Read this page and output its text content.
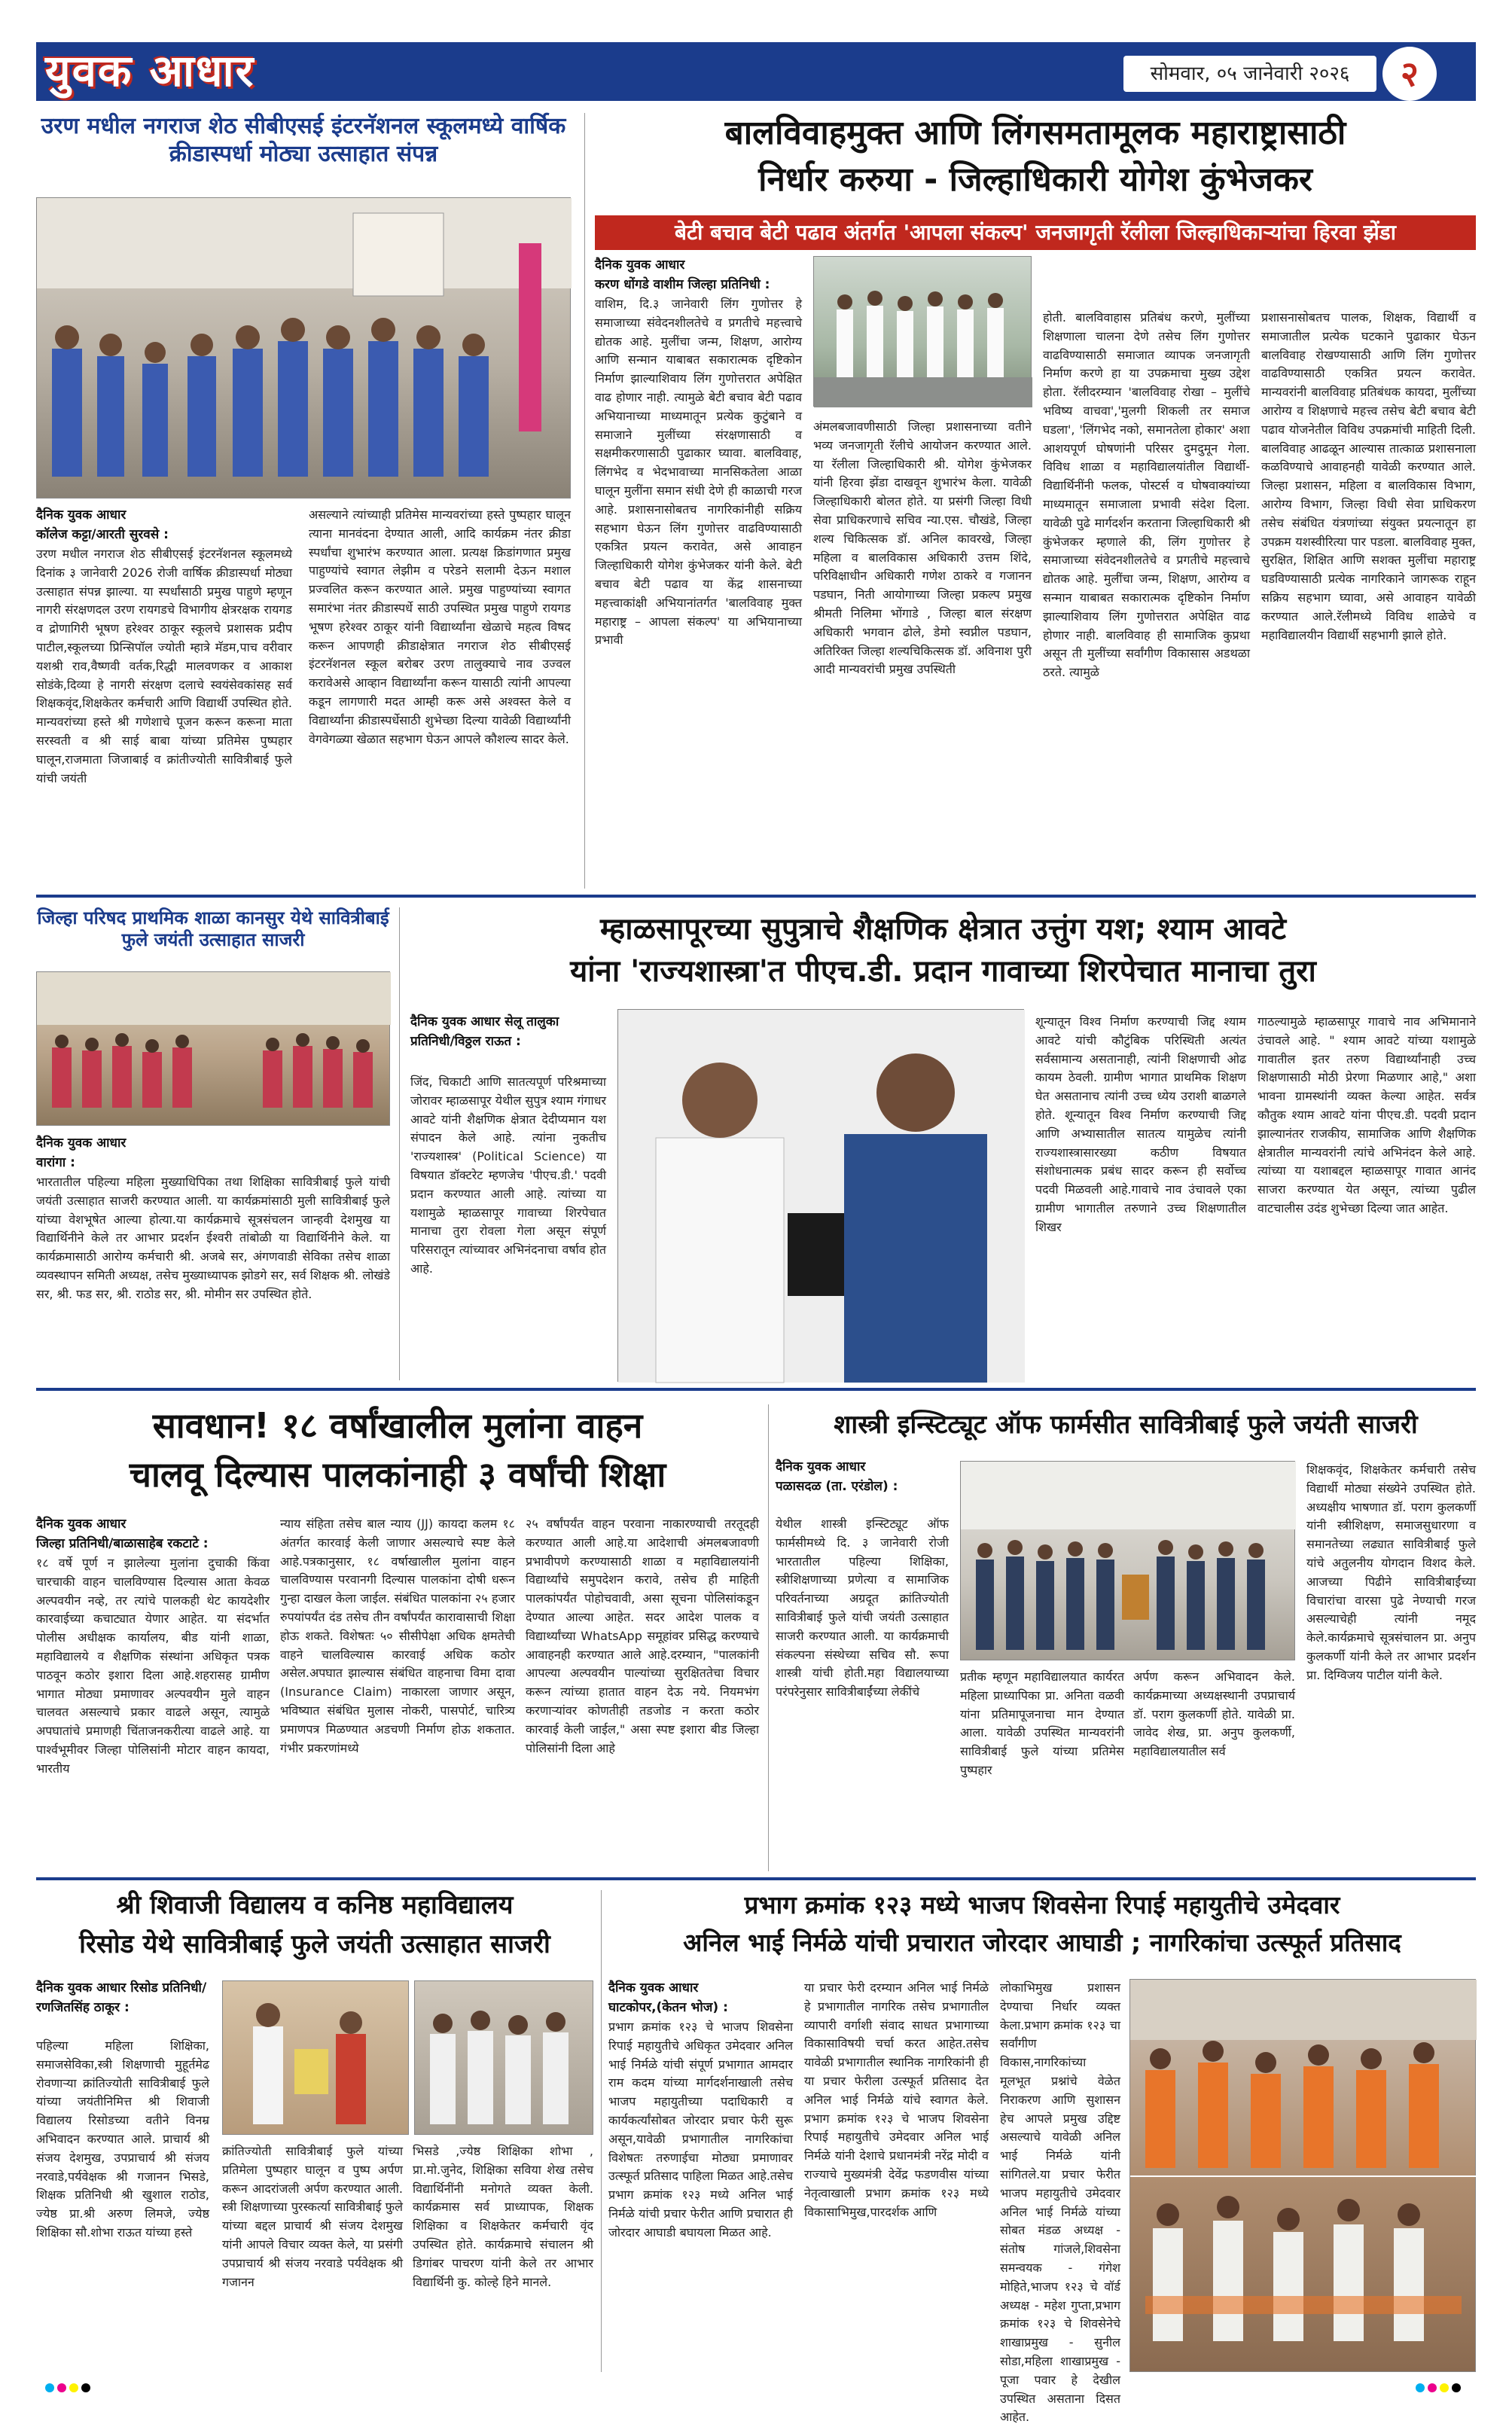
युवक आधार	सोमवार, ०५ जानेवारी २०२६	२
उरण मधील नगराज शेठ सीबीएसई इंटरनॅशनल स्कूलमध्ये वार्षिक क्रीडास्पर्धा मोठ्या उत्साहात संपन्न
दैनिक युवक आधार
कॉलेज कट्टा/आरती सुरवसे :
उरण मधील नगराज शेठ सीबीएसई इंटरनॅशनल स्कूलमध्ये दिनांक ३ जानेवारी 2026 रोजी वार्षिक क्रीडास्पर्धा मोठ्या उत्साहात संपन्न झाल्या. या स्पर्धांसाठी प्रमुख पाहुणे म्हणून नागरी संरक्षणदल उरण रायगडचे विभागीय क्षेत्ररक्षक रायगड व द्रोणागिरी भूषण हरेश्वर ठाकूर स्कूलचे प्रशासक प्रदीप पाटील,स्कूलच्या प्रिन्सिपॉल ज्योती म्हात्रे मॅडम,पाच वरीवार यशश्री राव,वैष्णवी वर्तक,रिद्धी मालवणकर व आकाश सोडंके,दिव्या हे नागरी संरक्षण दलाचे स्वयंसेवकांसह सर्व शिक्षकवृंद,शिक्षकेतर कर्मचारी आणि विद्यार्थी उपस्थित होते. मान्यवरांच्या हस्ते श्री गणेशाचे पूजन करून करूना माता सरस्वती व श्री साई बाबा यांच्या प्रतिमेस पुष्पहार घालून,राजमाता जिजाबाई व क्रांतीज्योती सावित्रीबाई फुले यांची जयंती
असल्याने त्यांच्याही प्रतिमेस मान्यवरांच्या हस्ते पुष्पहार घालून त्याना मानवंदना देण्यात आली, आदि कार्यक्रम नंतर क्रीडा स्पर्धांचा शुभारंभ करण्यात आला. प्रत्यक्ष क्रिडांगणात प्रमुख पाहुण्यांचे स्वागत लेझीम व परेडने सलामी देऊन मशाल प्रज्वलित करून करण्यात आले. प्रमुख पाहुण्यांच्या स्वागत समारंभा नंतर क्रीडास्पर्धे साठी उपस्थित प्रमुख पाहुणे रायगड भूषण हरेश्वर ठाकूर यांनी विद्यार्थ्यांना खेळाचे महत्व विषद करून आपणही क्रीडाक्षेत्रात नगराज शेठ सीबीएसई इंटरनॅशनल स्कूल बरोबर उरण तालुक्याचे नाव उज्वल करावेअसे आव्हान विद्यार्थ्यांना करून यासाठी त्यांनी आपल्या कडून लागणारी मदत आम्ही करू असे अश्वस्त केले व विद्यार्थ्यांना क्रीडास्पर्धेसाठी शुभेच्छा दिल्या यावेळी विद्यार्थ्यांनी वेगवेगळ्या खेळात सहभाग घेऊन आपले कौशल्य सादर केले.
बालविवाहमुक्त आणि लिंगसमतामूलक महाराष्ट्रासाठी
निर्धार करुया - जिल्हाधिकारी योगेश कुंभेजकर
बेटी बचाव बेटी पढाव अंतर्गत 'आपला संकल्प' जनजागृती रॅलीला जिल्हाधिकाऱ्यांचा हिरवा झेंडा
दैनिक युवक आधार
करण धोंगडे वाशीम जिल्हा प्रतिनिधी :
वाशिम, दि.३ जानेवारी लिंग गुणोत्तर हे समाजाच्या संवेदनशीलतेचे व प्रगतीचे महत्त्वाचे द्योतक आहे. मुलींचा जन्म, शिक्षण, आरोग्य आणि सन्मान याबाबत सकारात्मक दृष्टिकोन निर्माण झाल्याशिवाय लिंग गुणोत्तरात अपेक्षित वाढ होणार नाही. त्यामुळे बेटी बचाव बेटी पढाव अभियानाच्या माध्यमातून प्रत्येक कुटुंबाने व समाजाने मुलींच्या संरक्षणासाठी व सक्षमीकरणासाठी पुढाकार घ्यावा. बालविवाह, लिंगभेद व भेदभावाच्या मानसिकतेला आळा घालून मुलींना समान संधी देणे ही काळाची गरज आहे. प्रशासनासोबतच नागरिकांनीही सक्रिय सहभाग घेऊन लिंग गुणोत्तर वाढविण्यासाठी एकत्रित प्रयत्न करावेत, असे आवाहन जिल्हाधिकारी योगेश कुंभेजकर यांनी केले. बेटी बचाव बेटी पढाव या केंद्र शासनाच्या महत्त्वाकांक्षी अभियानांतर्गत 'बालविवाह मुक्त महाराष्ट्र – आपला संकल्प' या अभियानाच्या प्रभावी
अंमलबजावणीसाठी जिल्हा प्रशासनाच्या वतीने भव्य जनजागृती रॅलीचे आयोजन करण्यात आले. या रॅलीला जिल्हाधिकारी श्री. योगेश कुंभेजकर यांनी हिरवा झेंडा दाखवून शुभारंभ केला. यावेळी जिल्हाधिकारी बोलत होते. या प्रसंगी जिल्हा विधी सेवा प्राधिकरणाचे सचिव न्या.एस. चौखंडे, जिल्हा शल्य चिकित्सक डॉ. अनिल कावरखे, जिल्हा महिला व बालविकास अधिकारी उत्तम शिंदे, परिविक्षाधीन अधिकारी गणेश ठाकरे व गजानन पडघान, निती आयोगाच्या जिल्हा प्रकल्प प्रमुख श्रीमती निलिमा भोंगाडे , जिल्हा बाल संरक्षण अधिकारी भगवान ढोले, डेमो स्वप्नील पडघान, अतिरिक्त जिल्हा शल्यचिकित्सक डॉ. अविनाश पुरी आदी मान्यवरांची प्रमुख उपस्थिती
होती. बालविवाहास प्रतिबंध करणे, मुलींच्या शिक्षणाला चालना देणे तसेच लिंग गुणोत्तर वाढविण्यासाठी समाजात व्यापक जनजागृती निर्माण करणे हा या उपक्रमाचा मुख्य उद्देश होता. रॅलीदरम्यान 'बालविवाह रोखा – मुलींचे भविष्य वाचवा','मुलगी शिकली तर समाज घडला', 'लिंगभेद नको, समानतेला होकार' अशा आशयपूर्ण घोषणांनी परिसर दुमदुमून गेला. विविध शाळा व महाविद्यालयांतील विद्यार्थी-विद्यार्थिनींनी फलक, पोस्टर्स व घोषवाक्यांच्या माध्यमातून समाजाला प्रभावी संदेश दिला. यावेळी पुढे मार्गदर्शन करताना जिल्हाधिकारी श्री कुंभेजकर म्हणाले की, लिंग गुणोत्तर हे समाजाच्या संवेदनशीलतेचे व प्रगतीचे महत्त्वाचे द्योतक आहे. मुलींचा जन्म, शिक्षण, आरोग्य व सन्मान याबाबत सकारात्मक दृष्टिकोन निर्माण झाल्याशिवाय लिंग गुणोत्तरात अपेक्षित वाढ होणार नाही. बालविवाह ही सामाजिक कुप्रथा असून ती मुलींच्या सर्वांगीण विकासास अडथळा ठरते. त्यामुळे
प्रशासनासोबतच पालक, शिक्षक, विद्यार्थी व समाजातील प्रत्येक घटकाने पुढाकार घेऊन बालविवाह रोखण्यासाठी आणि लिंग गुणोत्तर वाढविण्यासाठी एकत्रित प्रयत्न करावेत. मान्यवरांनी बालविवाह प्रतिबंधक कायदा, मुलींच्या आरोग्य व शिक्षणाचे महत्त्व तसेच बेटी बचाव बेटी पढाव योजनेतील विविध उपक्रमांची माहिती दिली. बालविवाह आढळून आल्यास तात्काळ प्रशासनाला कळविण्याचे आवाहनही यावेळी करण्यात आले. जिल्हा प्रशासन, महिला व बालविकास विभाग, आरोग्य विभाग, जिल्हा विधी सेवा प्राधिकरण तसेच संबंधित यंत्रणांच्या संयुक्त प्रयत्नातून हा उपक्रम यशस्वीरित्या पार पडला. बालविवाह मुक्त, सुरक्षित, शिक्षित आणि सशक्त मुलींचा महाराष्ट्र घडविण्यासाठी प्रत्येक नागरिकाने जागरूक राहून सक्रिय सहभाग घ्यावा, असे आवाहन यावेळी करण्यात आले.रॅलीमध्ये विविध शाळेचे व महाविद्यालयीन विद्यार्थी सहभागी झाले होते.
जिल्हा परिषद प्राथमिक शाळा कानसुर येथे सावित्रीबाई फुले जयंती उत्साहात साजरी
दैनिक युवक आधार
वारांगा :
भारतातील पहिल्या महिला मुख्याधिपिका तथा शिक्षिका सावित्रीबाई फुले यांची जयंती उत्साहात साजरी करण्यात आली. या कार्यक्रमांसाठी मुली सावित्रीबाई फुले यांच्या वेशभूषेत आल्या होत्या.या कार्यक्रमाचे सूत्रसंचलन जान्हवी देशमुख या विद्यार्थिनीने केले तर आभार प्रदर्शन ईश्वरी तांबोळी या विद्यार्थिनीने केले. या कार्यक्रमासाठी आरोग्य कर्मचारी श्री. अजबे सर, अंगणवाडी सेविका तसेच शाळा व्यवस्थापन समिती अध्यक्ष, तसेच मुख्याध्यापक झोडगे सर, सर्व शिक्षक श्री. लोखंडे सर, श्री. फड सर, श्री. राठोड सर, श्री. मोमीन सर उपस्थित होते.
म्हाळसापूरच्या सुपुत्राचे शैक्षणिक क्षेत्रात उत्तुंग यश; श्याम आवटे
यांना 'राज्यशास्त्रा'त पीएच.डी. प्रदान गावाच्या शिरपेचात मानाचा तुरा
दैनिक युवक आधार सेलू तालुका प्रतिनिधी/विठ्ठल राऊत :
जिंद, चिकाटी आणि सातत्यपूर्ण परिश्रमाच्या जोरावर म्हाळसापूर येथील सुपुत्र श्याम गंगाधर आवटे यांनी शैक्षणिक क्षेत्रात देदीप्यमान यश संपादन केले आहे. त्यांना नुकतीच 'राज्यशास्त्र' (Political Science) या विषयात डॉक्टरेट म्हणजेच 'पीएच.डी.' पदवी प्रदान करण्यात आली आहे. त्यांच्या या यशामुळे म्हाळसापूर गावाच्या शिरपेचात मानाचा तुरा रोवला गेला असून संपूर्ण परिसरातून त्यांच्यावर अभिनंदनाचा वर्षाव होत आहे.
शून्यातून विश्व निर्माण करण्याची जिद्द श्याम आवटे यांची कौटुंबिक परिस्थिती अत्यंत सर्वसामान्य असतानाही, त्यांनी शिक्षणाची ओढ कायम ठेवली. ग्रामीण भागात प्राथमिक शिक्षण घेत असतानाच त्यांनी उच्च ध्येय उराशी बाळगले होते. शून्यातून विश्व निर्माण करण्याची जिद्द आणि अभ्यासातील सातत्य यामुळेच त्यांनी राज्यशास्त्रासारख्या कठीण विषयात संशोधनात्मक प्रबंध सादर करून ही सर्वोच्च पदवी मिळवली आहे.गावाचे नाव उंचावले एका ग्रामीण भागातील तरुणाने उच्च शिक्षणातील शिखर
गाठल्यामुळे म्हाळसापूर गावाचे नाव अभिमानाने उंचावले आहे. " श्याम आवटे यांच्या यशामुळे गावातील इतर तरुण विद्यार्थ्यांनाही उच्च शिक्षणासाठी मोठी प्रेरणा मिळणार आहे," अशा भावना ग्रामस्थांनी व्यक्त केल्या आहेत. सर्वत्र कौतुक श्याम आवटे यांना पीएच.डी. पदवी प्रदान झाल्यानंतर राजकीय, सामाजिक आणि शैक्षणिक क्षेत्रातील मान्यवरांनी त्यांचे अभिनंदन केले आहे. त्यांच्या या यशाबद्दल म्हाळसापूर गावात आनंद साजरा करण्यात येत असून, त्यांच्या पुढील वाटचालीस उदंड शुभेच्छा दिल्या जात आहेत.
सावधान! १८ वर्षांखालील मुलांना वाहन
चालवू दिल्यास पालकांनाही ३ वर्षांची शिक्षा
दैनिक युवक आधार
जिल्हा प्रतिनिधी/बाळासाहेब रकटाटे :
१८ वर्षे पूर्ण न झालेल्या मुलांना दुचाकी किंवा चारचाकी वाहन चालविण्यास दिल्यास आता केवळ अल्पवयीन नव्हे, तर त्यांचे पालकही थेट कायदेशीर कारवाईच्या कचाट्यात येणार आहेत. या संदर्भात पोलीस अधीक्षक कार्यालय, बीड यांनी शाळा, महाविद्यालये व शैक्षणिक संस्थांना अधिकृत पत्रक पाठवून कठोर इशारा दिला आहे.शहरासह ग्रामीण भागात मोठ्या प्रमाणावर अल्पवयीन मुले वाहन चालवत असल्याचे प्रकार वाढले असून, त्यामुळे अपघातांचे प्रमाणही चिंताजनकरीत्या वाढले आहे. या पार्श्वभूमीवर जिल्हा पोलिसांनी मोटार वाहन कायदा, भारतीय
न्याय संहिता तसेच बाल न्याय (JJ) कायदा कलम १८ अंतर्गत कारवाई केली जाणार असल्याचे स्पष्ट केले आहे.पत्रकानुसार, १८ वर्षाखालील मुलांना वाहन चालविण्यास परवानगी दिल्यास पालकांना दोषी धरून गुन्हा दाखल केला जाईल. संबंधित पालकांना २५ हजार रुपयांपर्यंत दंड तसेच तीन वर्षांपर्यंत कारावासाची शिक्षा होऊ शकते. विशेषतः ५० सीसीपेक्षा अधिक क्षमतेची वाहने चालविल्यास कारवाई अधिक कठोर असेल.अपघात झाल्यास संबंधित वाहनाचा विमा दावा (Insurance Claim) नाकारला जाणार असून, भविष्यात संबंधित मुलास नोकरी, पासपोर्ट, चारित्र्य प्रमाणपत्र मिळण्यात अडचणी निर्माण होऊ शकतात. गंभीर प्रकरणांमध्ये
२५ वर्षांपर्यंत वाहन परवाना नाकारण्याची तरतूदही करण्यात आली आहे.या आदेशाची अंमलबजावणी प्रभावीपणे करण्यासाठी शाळा व महाविद्यालयांनी विद्यार्थ्यांचे समुपदेशन करावे, तसेच ही माहिती पालकांपर्यंत पोहोचवावी, असा सूचना पोलिसांकडून देण्यात आल्या आहेत. सदर आदेश पालक व विद्यार्थ्यांच्या WhatsApp समूहांवर प्रसिद्ध करण्याचे आवाहनही करण्यात आले आहे.दरम्यान, "पालकांनी आपल्या अल्पवयीन पाल्यांच्या सुरक्षिततेचा विचार करून त्यांच्या हातात वाहन देऊ नये. नियमभंग करणाऱ्यांवर कोणतीही तडजोड न करता कठोर कारवाई केली जाईल," असा स्पष्ट इशारा बीड जिल्हा पोलिसांनी दिला आहे
शास्त्री इन्स्टिट्यूट ऑफ फार्मसीत सावित्रीबाई फुले जयंती साजरी
दैनिक युवक आधार
पळासदळ (ता. एरंडोल) :
येथील शास्त्री इन्स्टिट्यूट ऑफ फार्मसीमध्ये दि. ३ जानेवारी रोजी भारतातील पहिल्या शिक्षिका, स्त्रीशिक्षणाच्या प्रणेत्या व सामाजिक परिवर्तनाच्या अग्रदूत क्रांतिज्योती सावित्रीबाई फुले यांची जयंती उत्साहात साजरी करण्यात आली. या कार्यक्रमाची संकल्पना संस्थेच्या सचिव सौ. रूपा शास्त्री यांची होती.महा विद्यालयाच्या परंपरेनुसार सावित्रीबाईंच्या लेकींचे
प्रतीक म्हणून महाविद्यालयात कार्यरत महिला प्राध्यापिका प्रा. अनिता वळवी यांना प्रतिमापूजनाचा मान देण्यात आला. यावेळी उपस्थित मान्यवरांनी सावित्रीबाई फुले यांच्या प्रतिमेस पुष्पहार
अर्पण करून अभिवादन केले. कार्यक्रमाच्या अध्यक्षस्थानी उपप्राचार्य डॉ. पराग कुलकर्णी होते. यावेळी प्रा. जावेद शेख, प्रा. अनुप कुलकर्णी, महाविद्यालयातील सर्व
शिक्षकवृंद, शिक्षकेतर कर्मचारी तसेच विद्यार्थी मोठ्या संख्येने उपस्थित होते. अध्यक्षीय भाषणात डॉ. पराग कुलकर्णी यांनी स्त्रीशिक्षण, समाजसुधारणा व समानतेच्या लढ्यात सावित्रीबाई फुले यांचे अतुलनीय योगदान विशद केले. आजच्या पिढीने सावित्रीबाईंच्या विचारांचा वारसा पुढे नेण्याची गरज असल्याचेही त्यांनी नमूद केले.कार्यक्रमाचे सूत्रसंचालन प्रा. अनुप कुलकर्णी यांनी केले तर आभार प्रदर्शन प्रा. दिग्विजय पाटील यांनी केले.
श्री शिवाजी विद्यालय व कनिष्ठ महाविद्यालय
रिसोड येथे सावित्रीबाई फुले जयंती उत्साहात साजरी
दैनिक युवक आधार रिसोड प्रतिनिधी/ रणजितसिंह ठाकूर :
पहिल्या महिला शिक्षिका, समाजसेविका,स्त्री शिक्षणाची मुहूर्तमेढ रोवणाऱ्या क्रांतिज्योती सावित्रीबाई फुले यांच्या जयंतीनिमित्त श्री शिवाजी विद्यालय रिसोडच्या वतीने विनम्र अभिवादन करण्यात आले. प्राचार्य श्री संजय देशमुख, उपप्राचार्य श्री संजय नरवाडे,पर्यवेक्षक श्री गजानन भिसडे, शिक्षक प्रतिनिधी श्री खुशाल राठोड, ज्येष्ठ प्रा.श्री अरुण लिमजे, ज्येष्ठ शिक्षिका सौ.शोभा राऊत यांच्या हस्ते
क्रांतिज्योती सावित्रीबाई फुले यांच्या प्रतिमेला पुष्पहार घालून व पुष्प अर्पण करून आदरांजली अर्पण करण्यात आली. स्त्री शिक्षणाच्या पुरस्कर्त्या सावित्रीबाई फुले यांच्या बद्दल प्राचार्य श्री संजय देशमुख यांनी आपले विचार व्यक्त केले, या प्रसंगी उपप्राचार्य श्री संजय नरवाडे पर्यवेक्षक श्री गजानन
भिसडे ,ज्येष्ठ शिक्षिका शोभा , प्रा.मो.जुनेद, शिक्षिका सविया शेख तसेच विद्यार्थिनींनी मनोगते व्यक्त केली. कार्यक्रमास सर्व प्राध्यापक, शिक्षक शिक्षिका व शिक्षकेतर कर्मचारी वृंद उपस्थित होते. कार्यक्रमाचे संचालन श्री डिगांबर पाचरण यांनी केले तर आभार विद्यार्थिनी कु. कोल्हे हिने मानले.
प्रभाग क्रमांक १२३ मध्ये भाजप शिवसेना रिपाई महायुतीचे उमेदवार
अनिल भाई निर्मळे यांची प्रचारात जोरदार आघाडी ; नागरिकांचा उत्स्फूर्त प्रतिसाद
दैनिक युवक आधार
घाटकोपर,(केतन भोज) :
प्रभाग क्रमांक १२३ चे भाजप शिवसेना रिपाई महायुतीचे अधिकृत उमेदवार अनिल भाई निर्मळे यांची संपूर्ण प्रभागात आमदार राम कदम यांच्या मार्गदर्शनाखाली तसेच भाजप महायुतीच्या पदाधिकारी व कार्यकर्त्यांसोबत जोरदार प्रचार फेरी सुरू असून,यावेळी प्रभागातील नागरिकांचा विशेषतः तरुणाईचा मोठ्या प्रमाणावर उत्स्फूर्त प्रतिसाद पाहिला मिळत आहे.तसेच प्रभाग क्रमांक १२३ मध्ये अनिल भाई निर्मळे यांची प्रचार फेरीत आणि प्रचारात ही जोरदार आघाडी बघायला मिळत आहे.
या प्रचार फेरी दरम्यान अनिल भाई निर्मळे हे प्रभागातील नागरिक तसेच प्रभागातील व्यापारी वर्गाशी संवाद साधत प्रभागाच्या विकासाविषयी चर्चा करत आहेत.तसेच यावेळी प्रभागातील स्थानिक नागरिकांनी ही या प्रचार फेरीला उत्स्फूर्त प्रतिसाद देत अनिल भाई निर्मळे यांचे स्वागत केले. प्रभाग क्रमांक १२३ चे भाजप शिवसेना रिपाई महायुतीचे उमेदवार अनिल भाई निर्मळे यांनी देशाचे प्रधानमंत्री नरेंद्र मोदी व राज्याचे मुख्यमंत्री देवेंद्र फडणवीस यांच्या नेतृत्वाखाली प्रभाग क्रमांक १२३ मध्ये विकासाभिमुख,पारदर्शक आणि
लोकाभिमुख प्रशासन देण्याचा निर्धार व्यक्त केला.प्रभाग क्रमांक १२३ चा सर्वांगीण विकास,नागरिकांच्या मूलभूत प्रश्नांचे वेळेत निराकरण आणि सुशासन हेच आपले प्रमुख उद्दिष्ट असल्याचे यावेळी अनिल भाई निर्मळे यांनी सांगितले.या प्रचार फेरीत भाजप महायुतीचे उमेदवार अनिल भाई निर्मळे यांच्या सोबत मंडळ अध्यक्ष - संतोष गांजले,शिवसेना समन्वयक - गंगेश मोहिते,भाजप १२३ चे वॉर्ड अध्यक्ष - महेश गुप्ता,प्रभाग क्रमांक १२३ चे शिवसेनेचे शाखाप्रमुख - सुनील सोडा,महिला शाखाप्रमुख - पूजा पवार हे देखील उपस्थित असताना दिसत आहेत.
